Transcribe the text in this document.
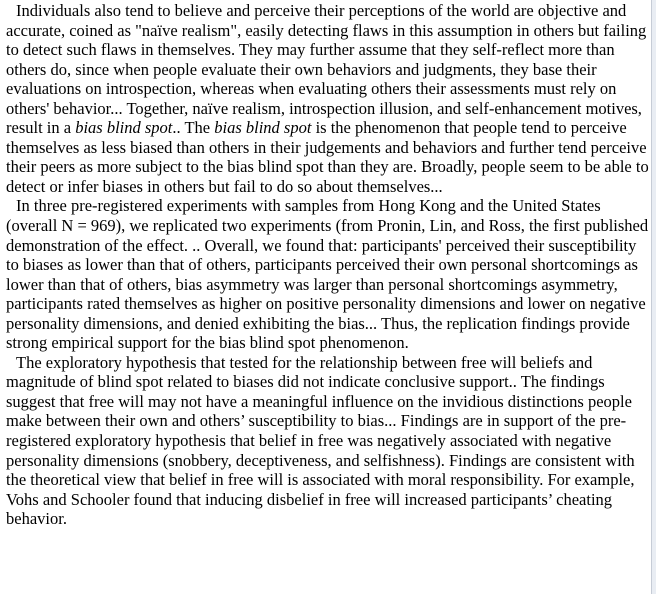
Individuals also tend to believe and perceive their perceptions of the world are objective and accurate, coined as "naïve realism", easily detecting flaws in this assumption in others but failing to detect such flaws in themselves. They may further assume that they self-reflect more than others do, since when people evaluate their own behaviors and judgments, they base their evaluations on introspection, whereas when evaluating others their assessments must rely on others' behavior... Together, naïve realism, introspection illusion, and self-enhancement motives, result in a bias blind spot.. The bias blind spot is the phenomenon that people tend to perceive themselves as less biased than others in their judgements and behaviors and further tend perceive their peers as more subject to the bias blind spot than they are. Broadly, people seem to be able to detect or infer biases in others but fail to do so about themselves...

In three pre-registered experiments with samples from Hong Kong and the United States (overall N = 969), we replicated two experiments (from Pronin, Lin, and Ross, the first published demonstration of the effect. .. Overall, we found that: participants' perceived their susceptibility to biases as lower than that of others, participants perceived their own personal shortcomings as lower than that of others, bias asymmetry was larger than personal shortcomings asymmetry, participants rated themselves as higher on positive personality dimensions and lower on negative personality dimensions, and denied exhibiting the bias... Thus, the replication findings provide strong empirical support for the bias blind spot phenomenon.

The exploratory hypothesis that tested for the relationship between free will beliefs and magnitude of blind spot related to biases did not indicate conclusive support.. The findings suggest that free will may not have a meaningful influence on the invidious distinctions people make between their own and others’ susceptibility to bias... Findings are in support of the pre-registered exploratory hypothesis that belief in free was negatively associated with negative personality dimensions (snobbery, deceptiveness, and selfishness). Findings are consistent with the theoretical view that belief in free will is associated with moral responsibility. For example, Vohs and Schooler found that inducing disbelief in free will increased participants’ cheating behavior.
